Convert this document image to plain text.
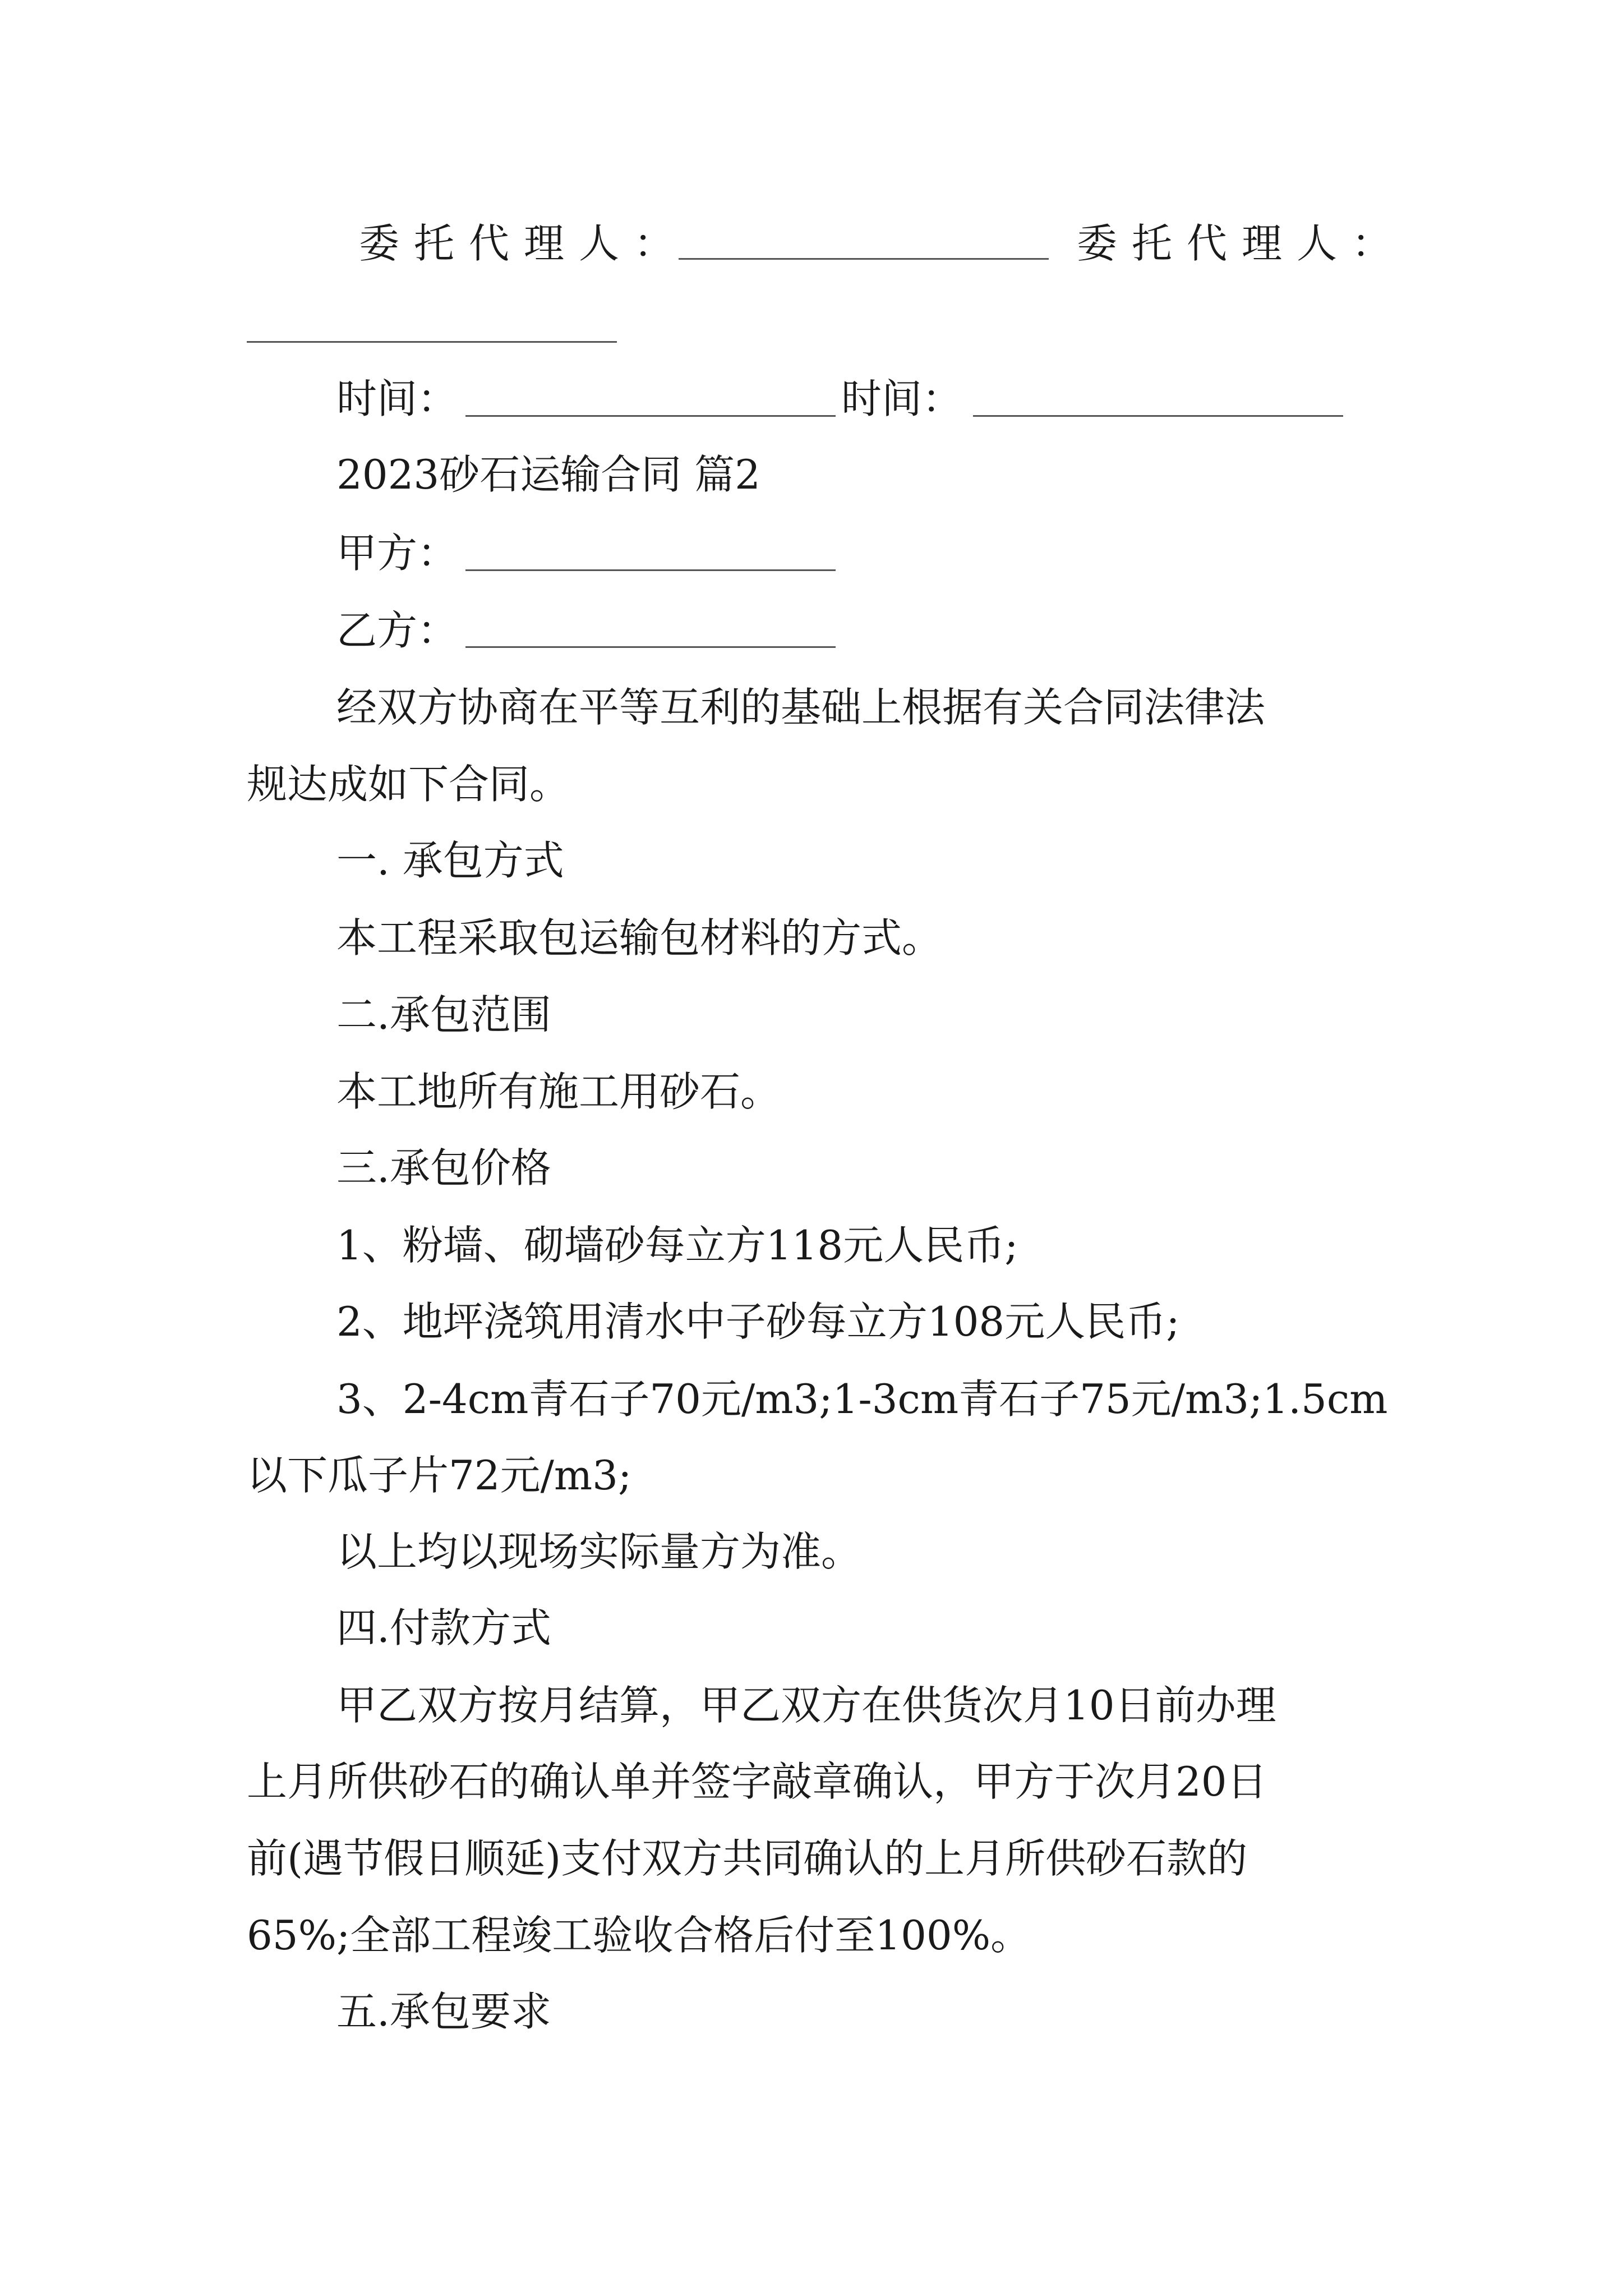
委托代理人：	委托代理人：
时间：	时间：
2023砂石运输合同 篇2
甲方：
乙方：
经双方协商在平等互利的基础上根据有关合同法律法
规达成如下合同。
一. 承包方式
本工程采取包运输包材料的方式。
二.承包范围
本工地所有施工用砂石。
三.承包价格
1、粉墙、砌墙砂每立方118元人民币;
2、地坪浇筑用清水中子砂每立方108元人民币;
3、2-4cm青石子70元/m3;1-3cm青石子75元/m3;1.5cm
以下瓜子片72元/m3;
以上均以现场实际量方为准。
四.付款方式
甲乙双方按月结算，甲乙双方在供货次月10日前办理
上月所供砂石的确认单并签字敲章确认，甲方于次月20日
前(遇节假日顺延)支付双方共同确认的上月所供砂石款的
65%;全部工程竣工验收合格后付至100%。
五.承包要求
